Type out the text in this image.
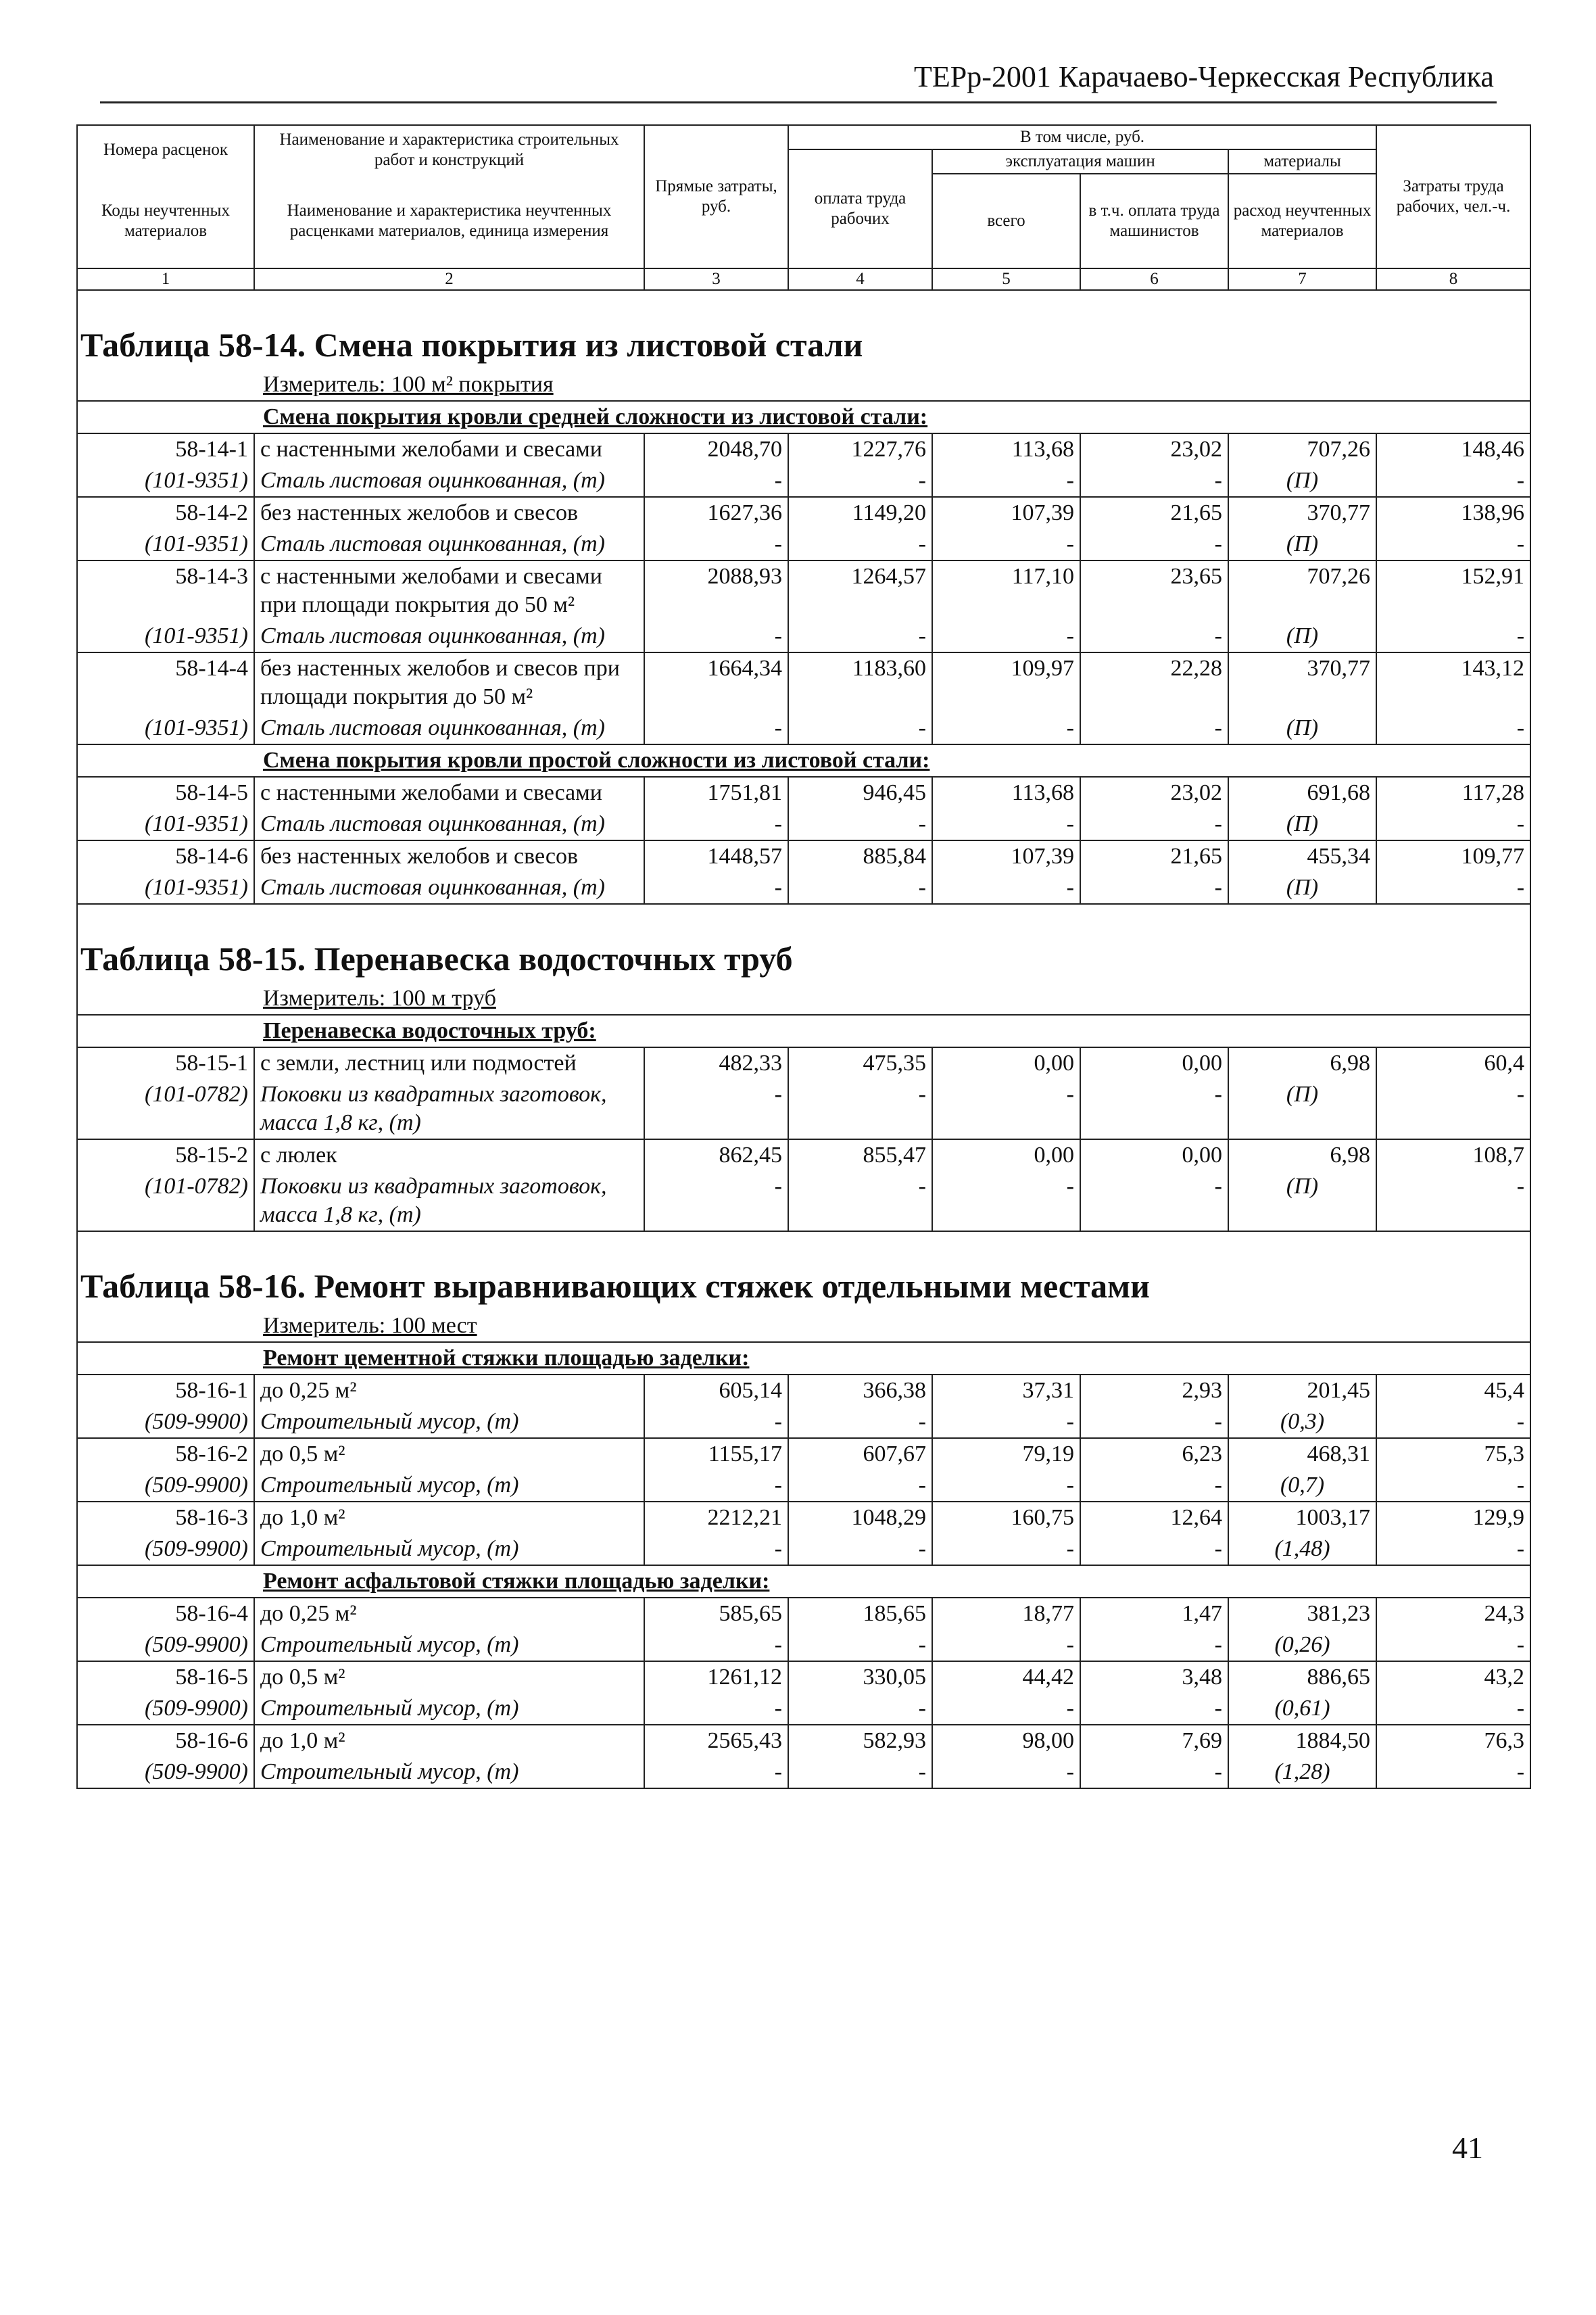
ТЕРр-2001 Карачаево-Черкесская Республика
Номера расценок	Наименование и характеристика строительных работ и конструкций	Прямые затраты, руб.	В том числе, руб.				Затраты труда рабочих, чел.-ч.
			оплата труда рабочих	эксплуатация машин		материалы	
Коды неучтенных материалов	Наименование и характеристика неучтенных расценками материалов, единица измерения			всего	в т.ч. оплата труда машинистов	расход неучтенных материалов	

1	2	3	4	5	6	7	8
Таблица 58-14. Смена покрытия из листовой стали							
Измеритель: 100 м² покрытия							
Смена покрытия кровли средней сложности из листовой стали:							
58-14-1	с настенными желобами и свесами	2048,70	1227,76	113,68	23,02	707,26	148,46
(101-9351)	Сталь листовая оцинкованная, (т)	-	-	-	-	(П)	-
58-14-2	без настенных желобов и свесов	1627,36	1149,20	107,39	21,65	370,77	138,96
(101-9351)	Сталь листовая оцинкованная, (т)	-	-	-	-	(П)	-
58-14-3	с настенными желобами и свесами при площади покрытия до 50 м²	2088,93	1264,57	117,10	23,65	707,26	152,91
(101-9351)	Сталь листовая оцинкованная, (т)	-	-	-	-	(П)	-
58-14-4	без настенных желобов и свесов при площади покрытия до 50 м²	1664,34	1183,60	109,97	22,28	370,77	143,12
(101-9351)	Сталь листовая оцинкованная, (т)	-	-	-	-	(П)	-
Смена покрытия кровли простой сложности из листовой стали:							
58-14-5	с настенными желобами и свесами	1751,81	946,45	113,68	23,02	691,68	117,28
(101-9351)	Сталь листовая оцинкованная, (т)	-	-	-	-	(П)	-
58-14-6	без настенных желобов и свесов	1448,57	885,84	107,39	21,65	455,34	109,77
(101-9351)	Сталь листовая оцинкованная, (т)	-	-	-	-	(П)	-
Таблица 58-15. Перенавеска водосточных труб							
Измеритель: 100 м труб							
Перенавеска водосточных труб:							
58-15-1	с земли, лестниц или подмостей	482,33	475,35	0,00	0,00	6,98	60,4
(101-0782)	Поковки из квадратных заготовок, масса 1,8 кг, (т)	-	-	-	-	(П)	-
58-15-2	с люлек	862,45	855,47	0,00	0,00	6,98	108,7
(101-0782)	Поковки из квадратных заготовок, масса 1,8 кг, (т)	-	-	-	-	(П)	-
Таблица 58-16. Ремонт выравнивающих стяжек отдельными местами							
Измеритель: 100 мест							
Ремонт цементной стяжки площадью заделки:							
58-16-1	до 0,25 м²	605,14	366,38	37,31	2,93	201,45	45,4
(509-9900)	Строительный мусор, (т)	-	-	-	-	(0,3)	-
58-16-2	до 0,5 м²	1155,17	607,67	79,19	6,23	468,31	75,3
(509-9900)	Строительный мусор, (т)	-	-	-	-	(0,7)	-
58-16-3	до 1,0 м²	2212,21	1048,29	160,75	12,64	1003,17	129,9
(509-9900)	Строительный мусор, (т)	-	-	-	-	(1,48)	-
Ремонт асфальтовой стяжки площадью заделки:							
58-16-4	до 0,25 м²	585,65	185,65	18,77	1,47	381,23	24,3
(509-9900)	Строительный мусор, (т)	-	-	-	-	(0,26)	-
58-16-5	до 0,5 м²	1261,12	330,05	44,42	3,48	886,65	43,2
(509-9900)	Строительный мусор, (т)	-	-	-	-	(0,61)	-
58-16-6	до 1,0 м²	2565,43	582,93	98,00	7,69	1884,50	76,3
(509-9900)	Строительный мусор, (т)	-	-	-	-	(1,28)	-
41
